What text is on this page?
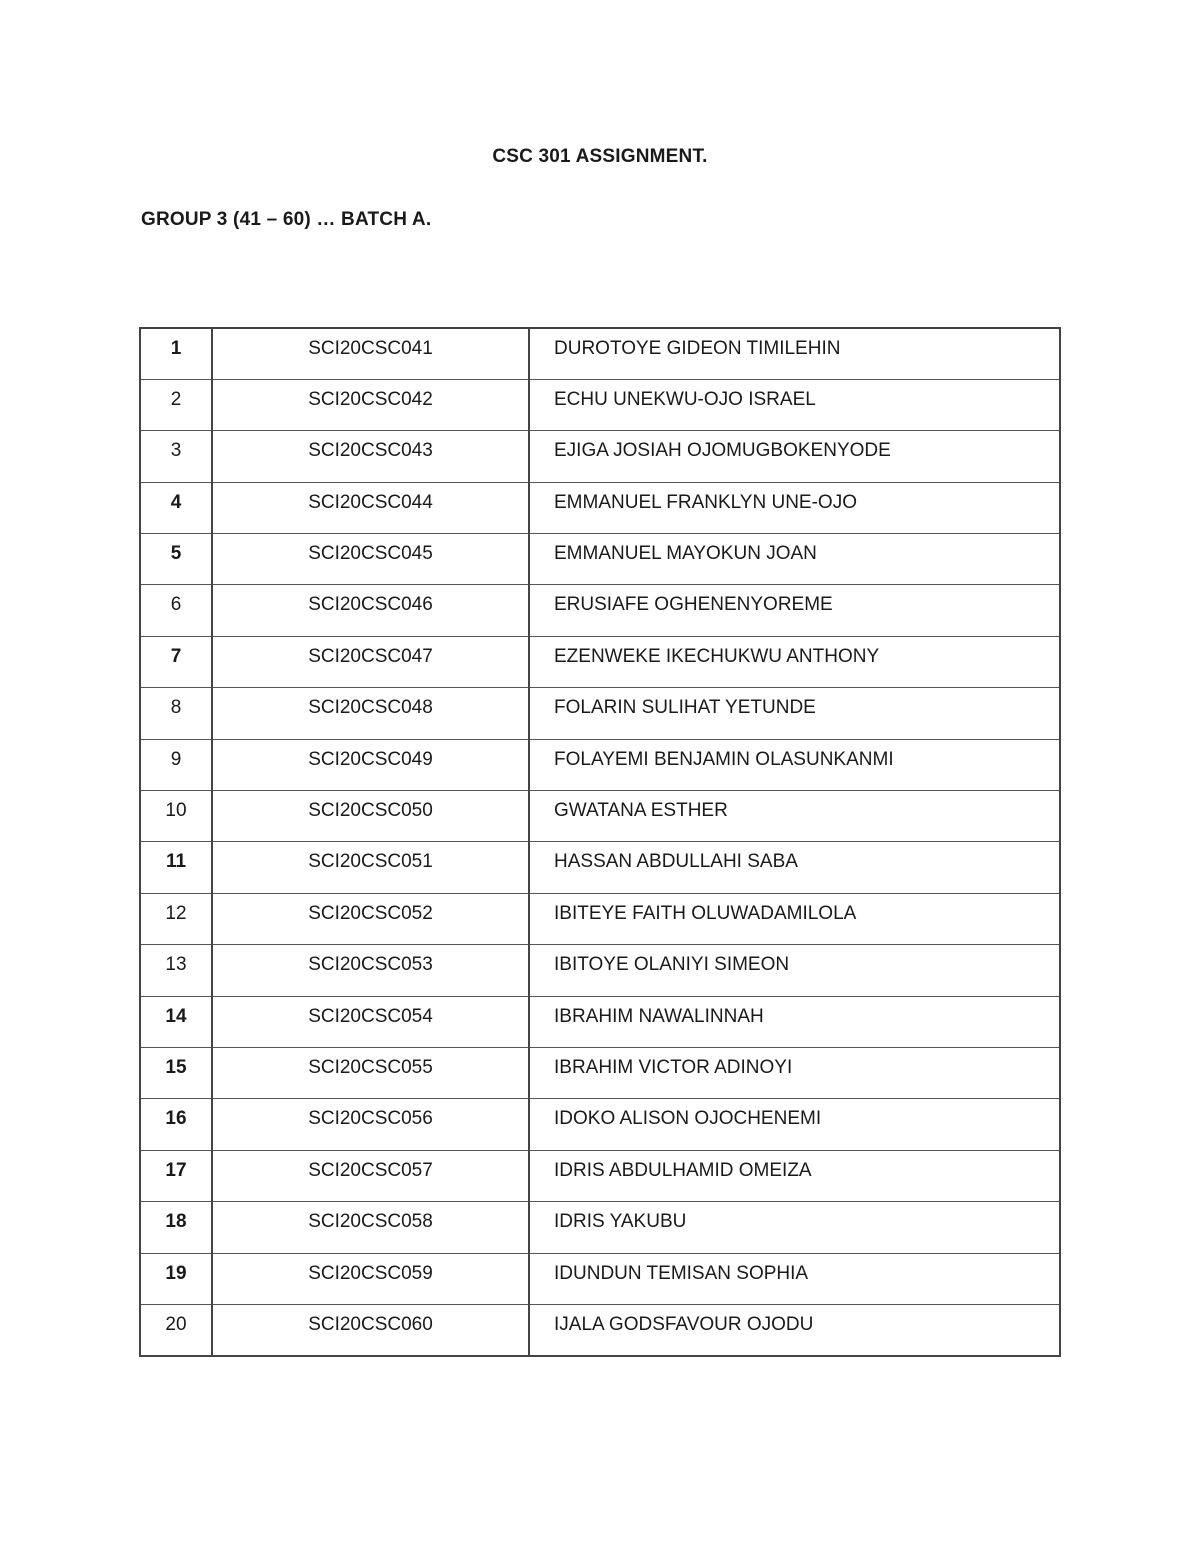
CSC 301 ASSIGNMENT.
GROUP 3 (41 – 60) … BATCH A.
1	SCI20CSC041	DUROTOYE GIDEON TIMILEHIN

2	SCI20CSC042	ECHU UNEKWU-OJO ISRAEL

3	SCI20CSC043	EJIGA JOSIAH OJOMUGBOKENYODE

4	SCI20CSC044	EMMANUEL FRANKLYN UNE-OJO

5	SCI20CSC045	EMMANUEL MAYOKUN JOAN

6	SCI20CSC046	ERUSIAFE OGHENENYOREME

7	SCI20CSC047	EZENWEKE IKECHUKWU ANTHONY

8	SCI20CSC048	FOLARIN SULIHAT YETUNDE

9	SCI20CSC049	FOLAYEMI BENJAMIN OLASUNKANMI

10	SCI20CSC050	GWATANA ESTHER

11	SCI20CSC051	HASSAN ABDULLAHI SABA

12	SCI20CSC052	IBITEYE FAITH OLUWADAMILOLA

13	SCI20CSC053	IBITOYE OLANIYI SIMEON

14	SCI20CSC054	IBRAHIM NAWALINNAH

15	SCI20CSC055	IBRAHIM VICTOR ADINOYI

16	SCI20CSC056	IDOKO ALISON OJOCHENEMI

17	SCI20CSC057	IDRIS ABDULHAMID OMEIZA

18	SCI20CSC058	IDRIS YAKUBU

19	SCI20CSC059	IDUNDUN TEMISAN SOPHIA

20	SCI20CSC060	IJALA GODSFAVOUR OJODU
